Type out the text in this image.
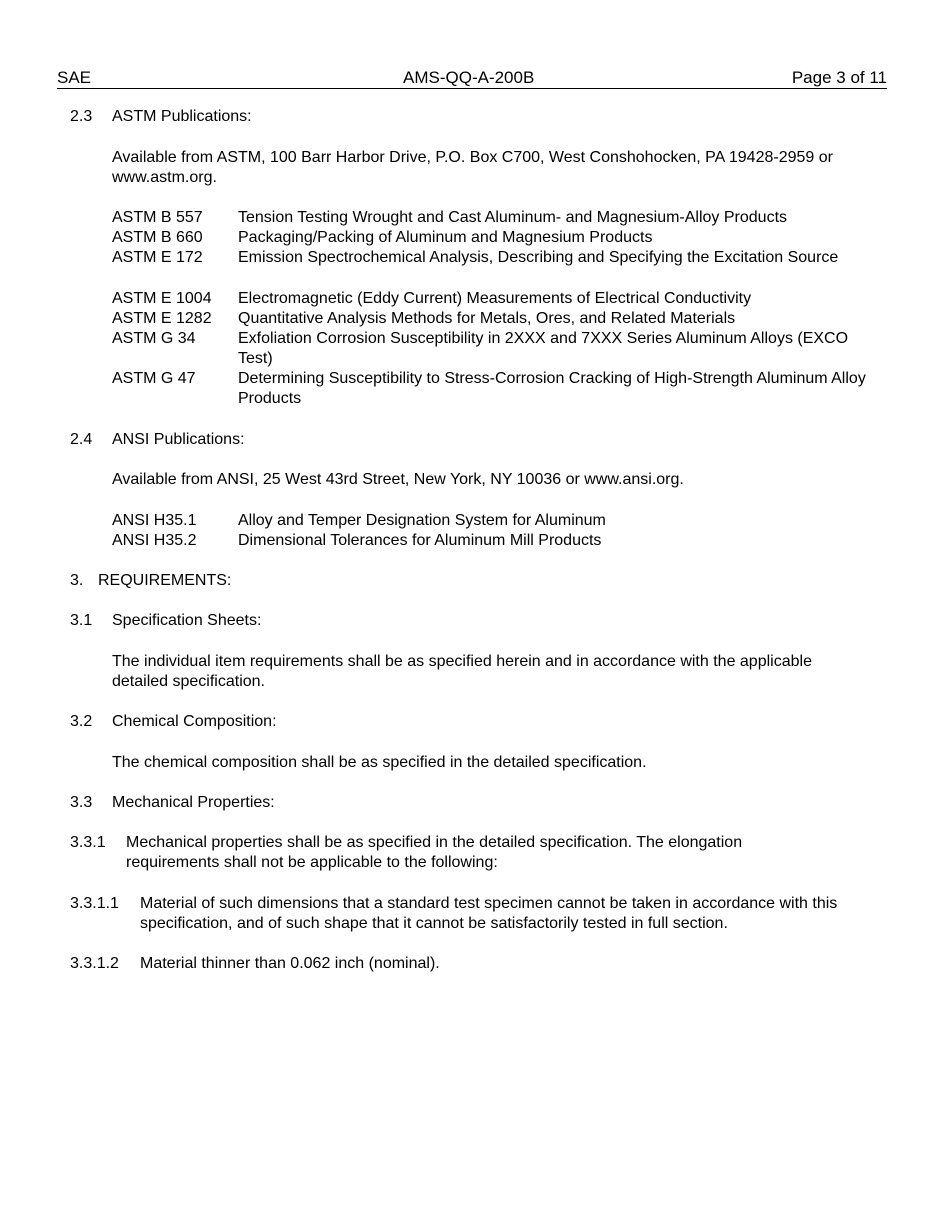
SAE	AMS-QQ-A-200B	Page 3 of 11
2.3 ASTM Publications:
Available from ASTM, 100 Barr Harbor Drive, P.O. Box C700, West Conshohocken, PA 19428-2959 or www.astm.org.
ASTM B 557 Tension Testing Wrought and Cast Aluminum- and Magnesium-Alloy Products
ASTM B 660 Packaging/Packing of Aluminum and Magnesium Products
ASTM E 172 Emission Spectrochemical Analysis, Describing and Specifying the Excitation Source
ASTM E 1004 Electromagnetic (Eddy Current) Measurements of Electrical Conductivity
ASTM E 1282 Quantitative Analysis Methods for Metals, Ores, and Related Materials
ASTM G 34	Exfoliation Corrosion Susceptibility in 2XXX and 7XXX Series Aluminum Alloys (EXCO Test)
ASTM G 47	Determining Susceptibility to Stress-Corrosion Cracking of High-Strength Aluminum Alloy Products
2.4 ANSI Publications:
Available from ANSI, 25 West 43rd Street, New York, NY 10036 or www.ansi.org.
ANSI H35.1	Alloy and Temper Designation System for Aluminum
ANSI H35.2	Dimensional Tolerances for Aluminum Mill Products
3. REQUIREMENTS:
3.1 Specification Sheets:
The individual item requirements shall be as specified herein and in accordance with the applicable detailed specification.
3.2 Chemical Composition:
The chemical composition shall be as specified in the detailed specification.
3.3 Mechanical Properties:
3.3.1 Mechanical properties shall be as specified in the detailed specification. The elongation requirements shall not be applicable to the following:
3.3.1.1 Material of such dimensions that a standard test specimen cannot be taken in accordance with this specification, and of such shape that it cannot be satisfactorily tested in full section.
3.3.1.2 Material thinner than 0.062 inch (nominal).
